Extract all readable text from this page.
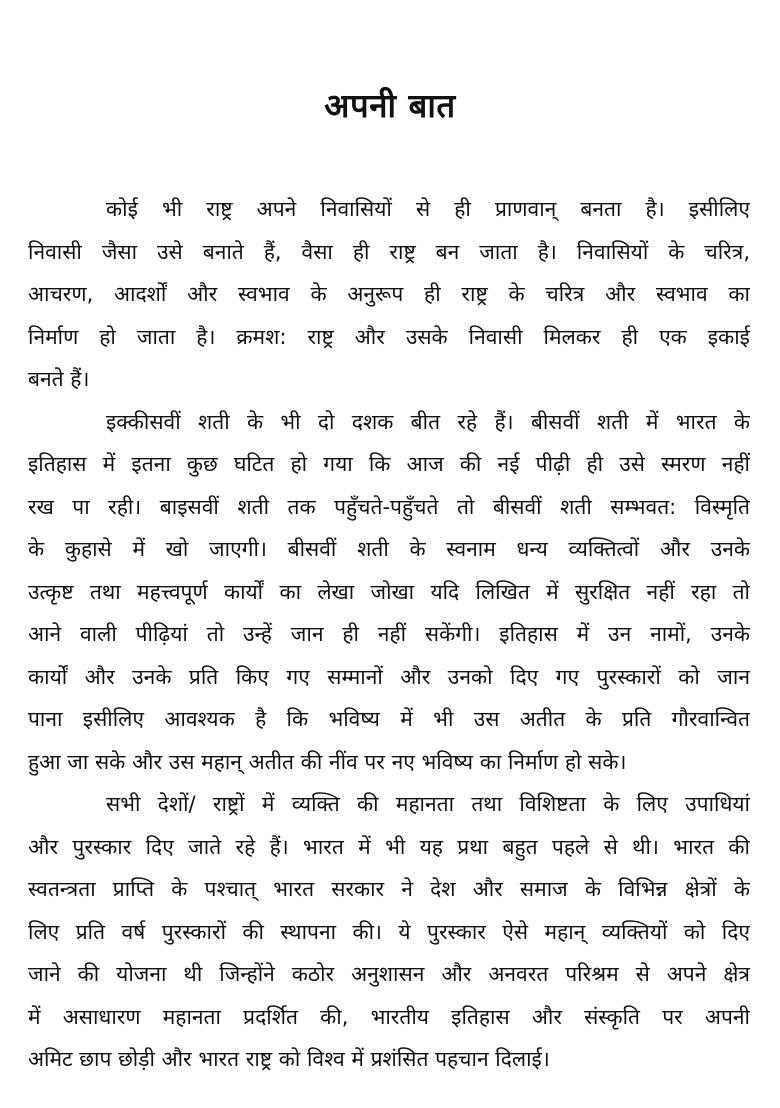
अपनी बात
कोई भी राष्ट्र अपने निवासियों से ही प्राणवान् बनता है। इसीलिए
निवासी जैसा उसे बनाते हैं, वैसा ही राष्ट्र बन जाता है। निवासियों के चरित्र,
आचरण, आदर्शों और स्वभाव के अनुरूप ही राष्ट्र के चरित्र और स्वभाव का
निर्माण हो जाता है। क्रमश: राष्ट्र और उसके निवासी मिलकर ही एक इकाई
बनते हैं।
इक्कीसवीं शती के भी दो दशक बीत रहे हैं। बीसवीं शती में भारत के
इतिहास में इतना कुछ घटित हो गया कि आज की नई पीढ़ी ही उसे स्मरण नहीं
रख पा रही। बाइसवीं शती तक पहुँचते-पहुँचते तो बीसवीं शती सम्भवत: विस्मृति
के कुहासे में खो जाएगी। बीसवीं शती के स्वनाम धन्य व्यक्तित्वों और उनके
उत्कृष्ट तथा महत्त्वपूर्ण कार्यों का लेखा जोखा यदि लिखित में सुरक्षित नहीं रहा तो
आने वाली पीढ़ियां तो उन्हें जान ही नहीं सकेंगी। इतिहास में उन नामों, उनके
कार्यों और उनके प्रति किए गए सम्मानों और उनको दिए गए पुरस्कारों को जान
पाना इसीलिए आवश्यक है कि भविष्य में भी उस अतीत के प्रति गौरवान्वित
हुआ जा सके और उस महान् अतीत की नींव पर नए भविष्य का निर्माण हो सके।
सभी देशों/ राष्ट्रों में व्यक्ति की महानता तथा विशिष्टता के लिए उपाधियां
और पुरस्कार दिए जाते रहे हैं। भारत में भी यह प्रथा बहुत पहले से थी। भारत की
स्वतन्त्रता प्राप्ति के पश्चात् भारत सरकार ने देश और समाज के विभिन्न क्षेत्रों के
लिए प्रति वर्ष पुरस्कारों की स्थापना की। ये पुरस्कार ऐसे महान् व्यक्तियों को दिए
जाने की योजना थी जिन्होंने कठोर अनुशासन और अनवरत परिश्रम से अपने क्षेत्र
में असाधारण महानता प्रदर्शित की, भारतीय इतिहास और संस्कृति पर अपनी
अमिट छाप छोड़ी और भारत राष्ट्र को विश्व में प्रशंसित पहचान दिलाई।
